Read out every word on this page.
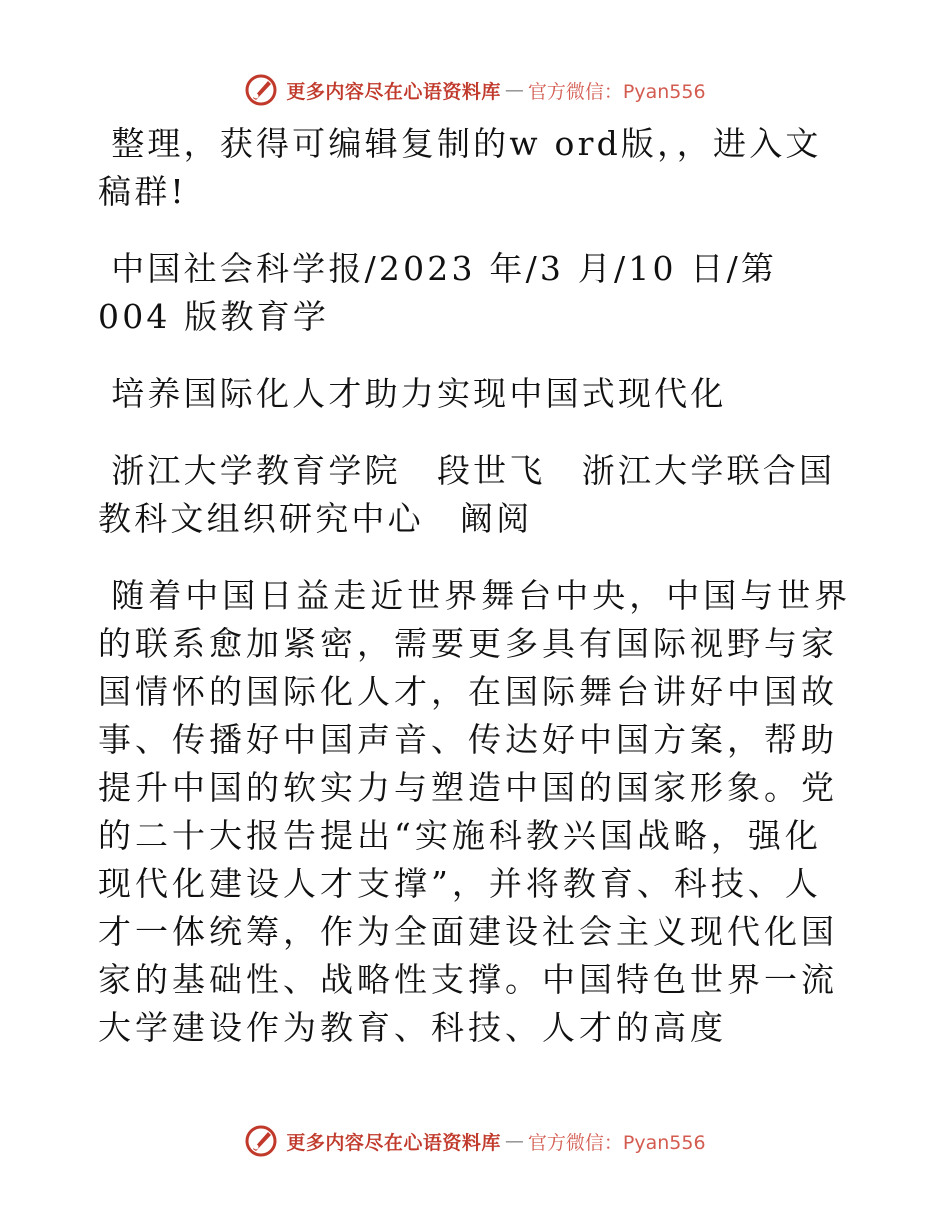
更多内容尽在心语资料库 — 官方微信：Pyan556

整理，获得可编辑复制的w ord版，，进入文稿群!

中国社会科学报/2023 年/3 月/10 日/第 004 版教育学

培养国际化人才助力实现中国式现代化

浙江大学教育学院　段世飞　浙江大学联合国教科文组织研究中心　阚阅

随着中国日益走近世界舞台中央，中国与世界的联系愈加紧密，需要更多具有国际视野与家国情怀的国际化人才，在国际舞台讲好中国故事、传播好中国声音、传达好中国方案，帮助提升中国的软实力与塑造中国的国家形象。党的二十大报告提出“实施科教兴国战略，强化现代化建设人才支撑”，并将教育、科技、人才一体统筹，作为全面建设社会主义现代化国家的基础性、战略性支撑。中国特色世界一流大学建设作为教育、科技、人才的高度

更多内容尽在心语资料库 — 官方微信：Pyan556
